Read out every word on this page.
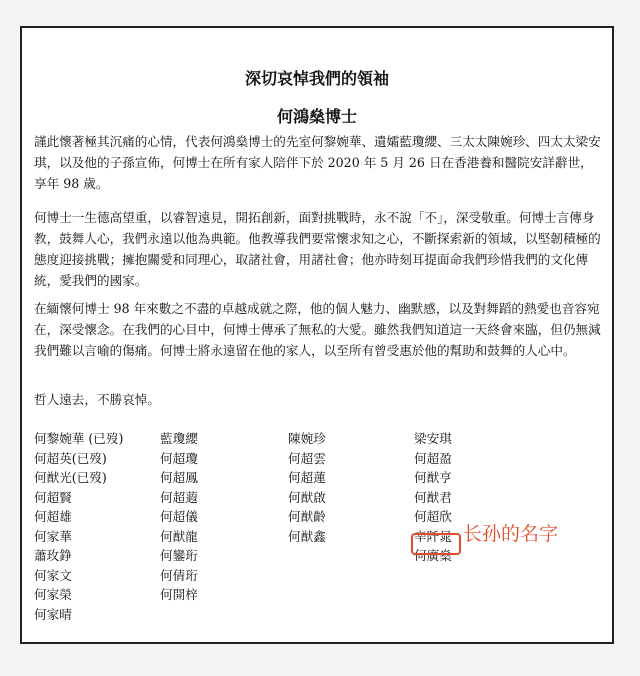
深切哀悼我們的領袖
何鴻燊博士

謹此懷著極其沉痛的心情，代表何鴻燊博士的先室何黎婉華、遺孀藍瓊纓、三太太陳婉珍、四太太梁安琪，以及他的子孫宣佈，何博士在所有家人陪伴下於 2020 年 5 月 26 日在香港養和醫院安詳辭世，享年 98 歲。

何博士一生德高望重，以睿智遠見，開拓創新，面對挑戰時，永不說「不」，深受敬重。何博士言傳身教，鼓舞人心，我們永遠以他為典範。他教導我們要常懷求知之心，不斷探索新的領域，以堅韌積極的態度迎接挑戰；擁抱關愛和同理心，取諸社會，用諸社會；他亦時刻耳提面命我們珍惜我們的文化傳統，愛我們的國家。

在緬懷何博士 98 年來數之不盡的卓越成就之際，他的個人魅力、幽默感，以及對舞蹈的熱愛也音容宛在，深受懷念。在我們的心目中，何博士傳承了無私的大愛。雖然我們知道這一天終會來臨，但仍無減我們難以言喻的傷痛。何博士將永遠留在他的家人，以至所有曾受惠於他的幫助和鼓舞的人心中。

哲人遠去，不勝哀悼。

何黎婉華 (已歿)
何超英(已歿)
何猷光(已歿)
何超賢
何超雄
何家華
蕭玫錚
何家文
何家榮
何家晴
藍瓊纓
何超瓊
何超鳳
何超蕸
何超儀
何猷龍
何鑾珩
何倩珩
何開梓
陳婉珍
何超雲
何超蓮
何猷啟
何猷齡
何猷鑫
梁安琪
何超盈
何猷亨
何猷君
何超欣
辛阡晁
何廣燊
长孙的名字
